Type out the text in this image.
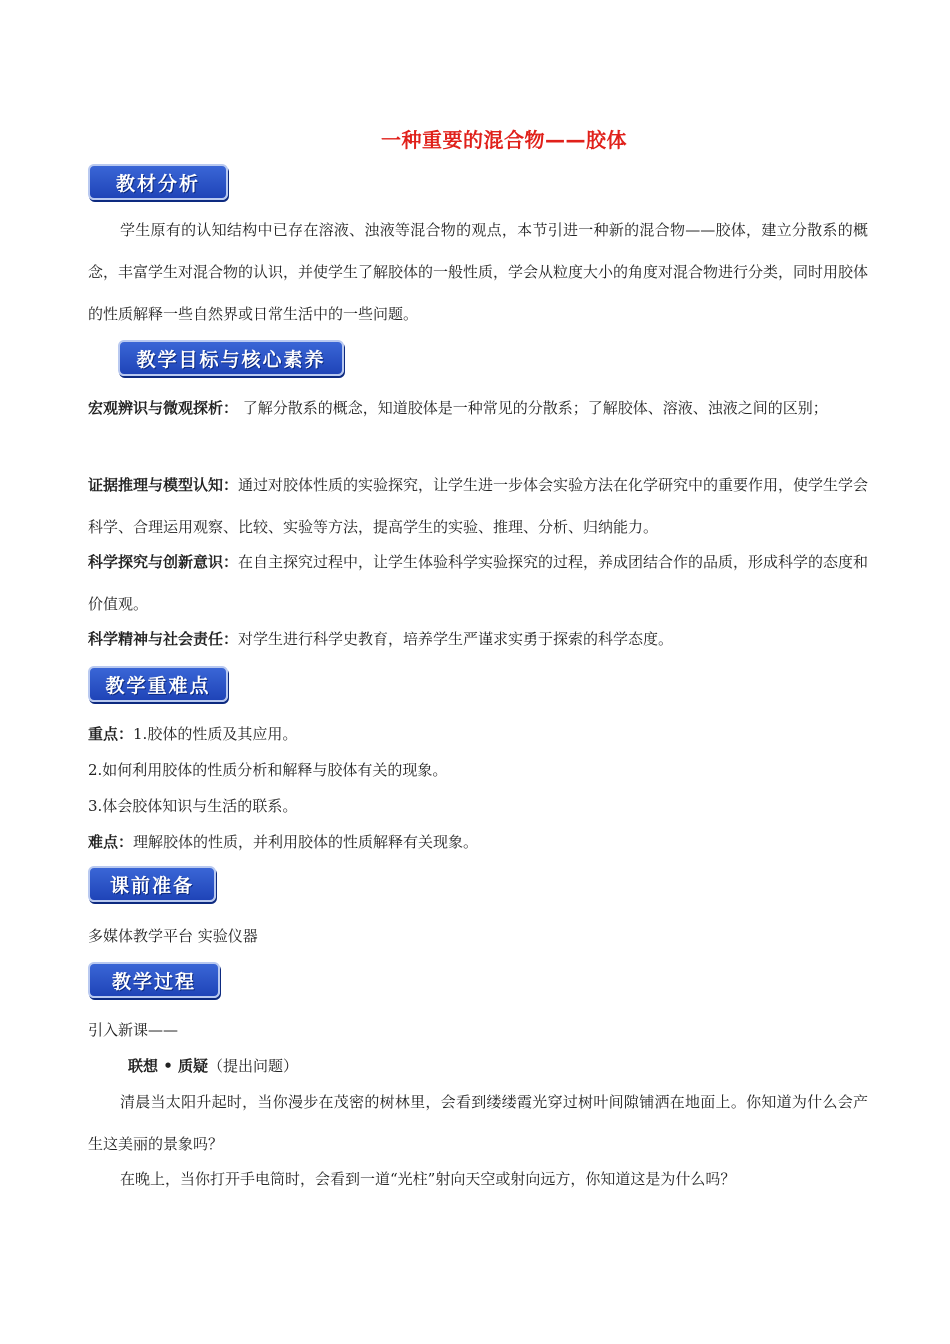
一种重要的混合物——胶体
教材分析
学生原有的认知结构中已存在溶液、浊液等混合物的观点，本节引进一种新的混合物——胶体，建立分散系的概念，丰富学生对混合物的认识，并使学生了解胶体的一般性质，学会从粒度大小的角度对混合物进行分类，同时用胶体的性质解释一些自然界或日常生活中的一些问题。
教学目标与核心素养
宏观辨识与微观探析： 了解分散系的概念，知道胶体是一种常见的分散系；了解胶体、溶液、浊液之间的区别；
证据推理与模型认知：通过对胶体性质的实验探究，让学生进一步体会实验方法在化学研究中的重要作用，使学生学会科学、合理运用观察、比较、实验等方法，提高学生的实验、推理、分析、归纳能力。
科学探究与创新意识：在自主探究过程中，让学生体验科学实验探究的过程，养成团结合作的品质，形成科学的态度和价值观。
科学精神与社会责任：对学生进行科学史教育，培养学生严谨求实勇于探索的科学态度。
教学重难点
重点：1.胶体的性质及其应用。
2.如何利用胶体的性质分析和解释与胶体有关的现象。
3.体会胶体知识与生活的联系。
难点：理解胶体的性质，并利用胶体的性质解释有关现象。
课前准备
多媒体教学平台 实验仪器
教学过程
引入新课——
联想 • 质疑（提出问题）
清晨当太阳升起时，当你漫步在茂密的树林里，会看到缕缕霞光穿过树叶间隙铺洒在地面上。你知道为什么会产生这美丽的景象吗？
在晚上，当你打开手电筒时，会看到一道“光柱”射向天空或射向远方，你知道这是为什么吗？
